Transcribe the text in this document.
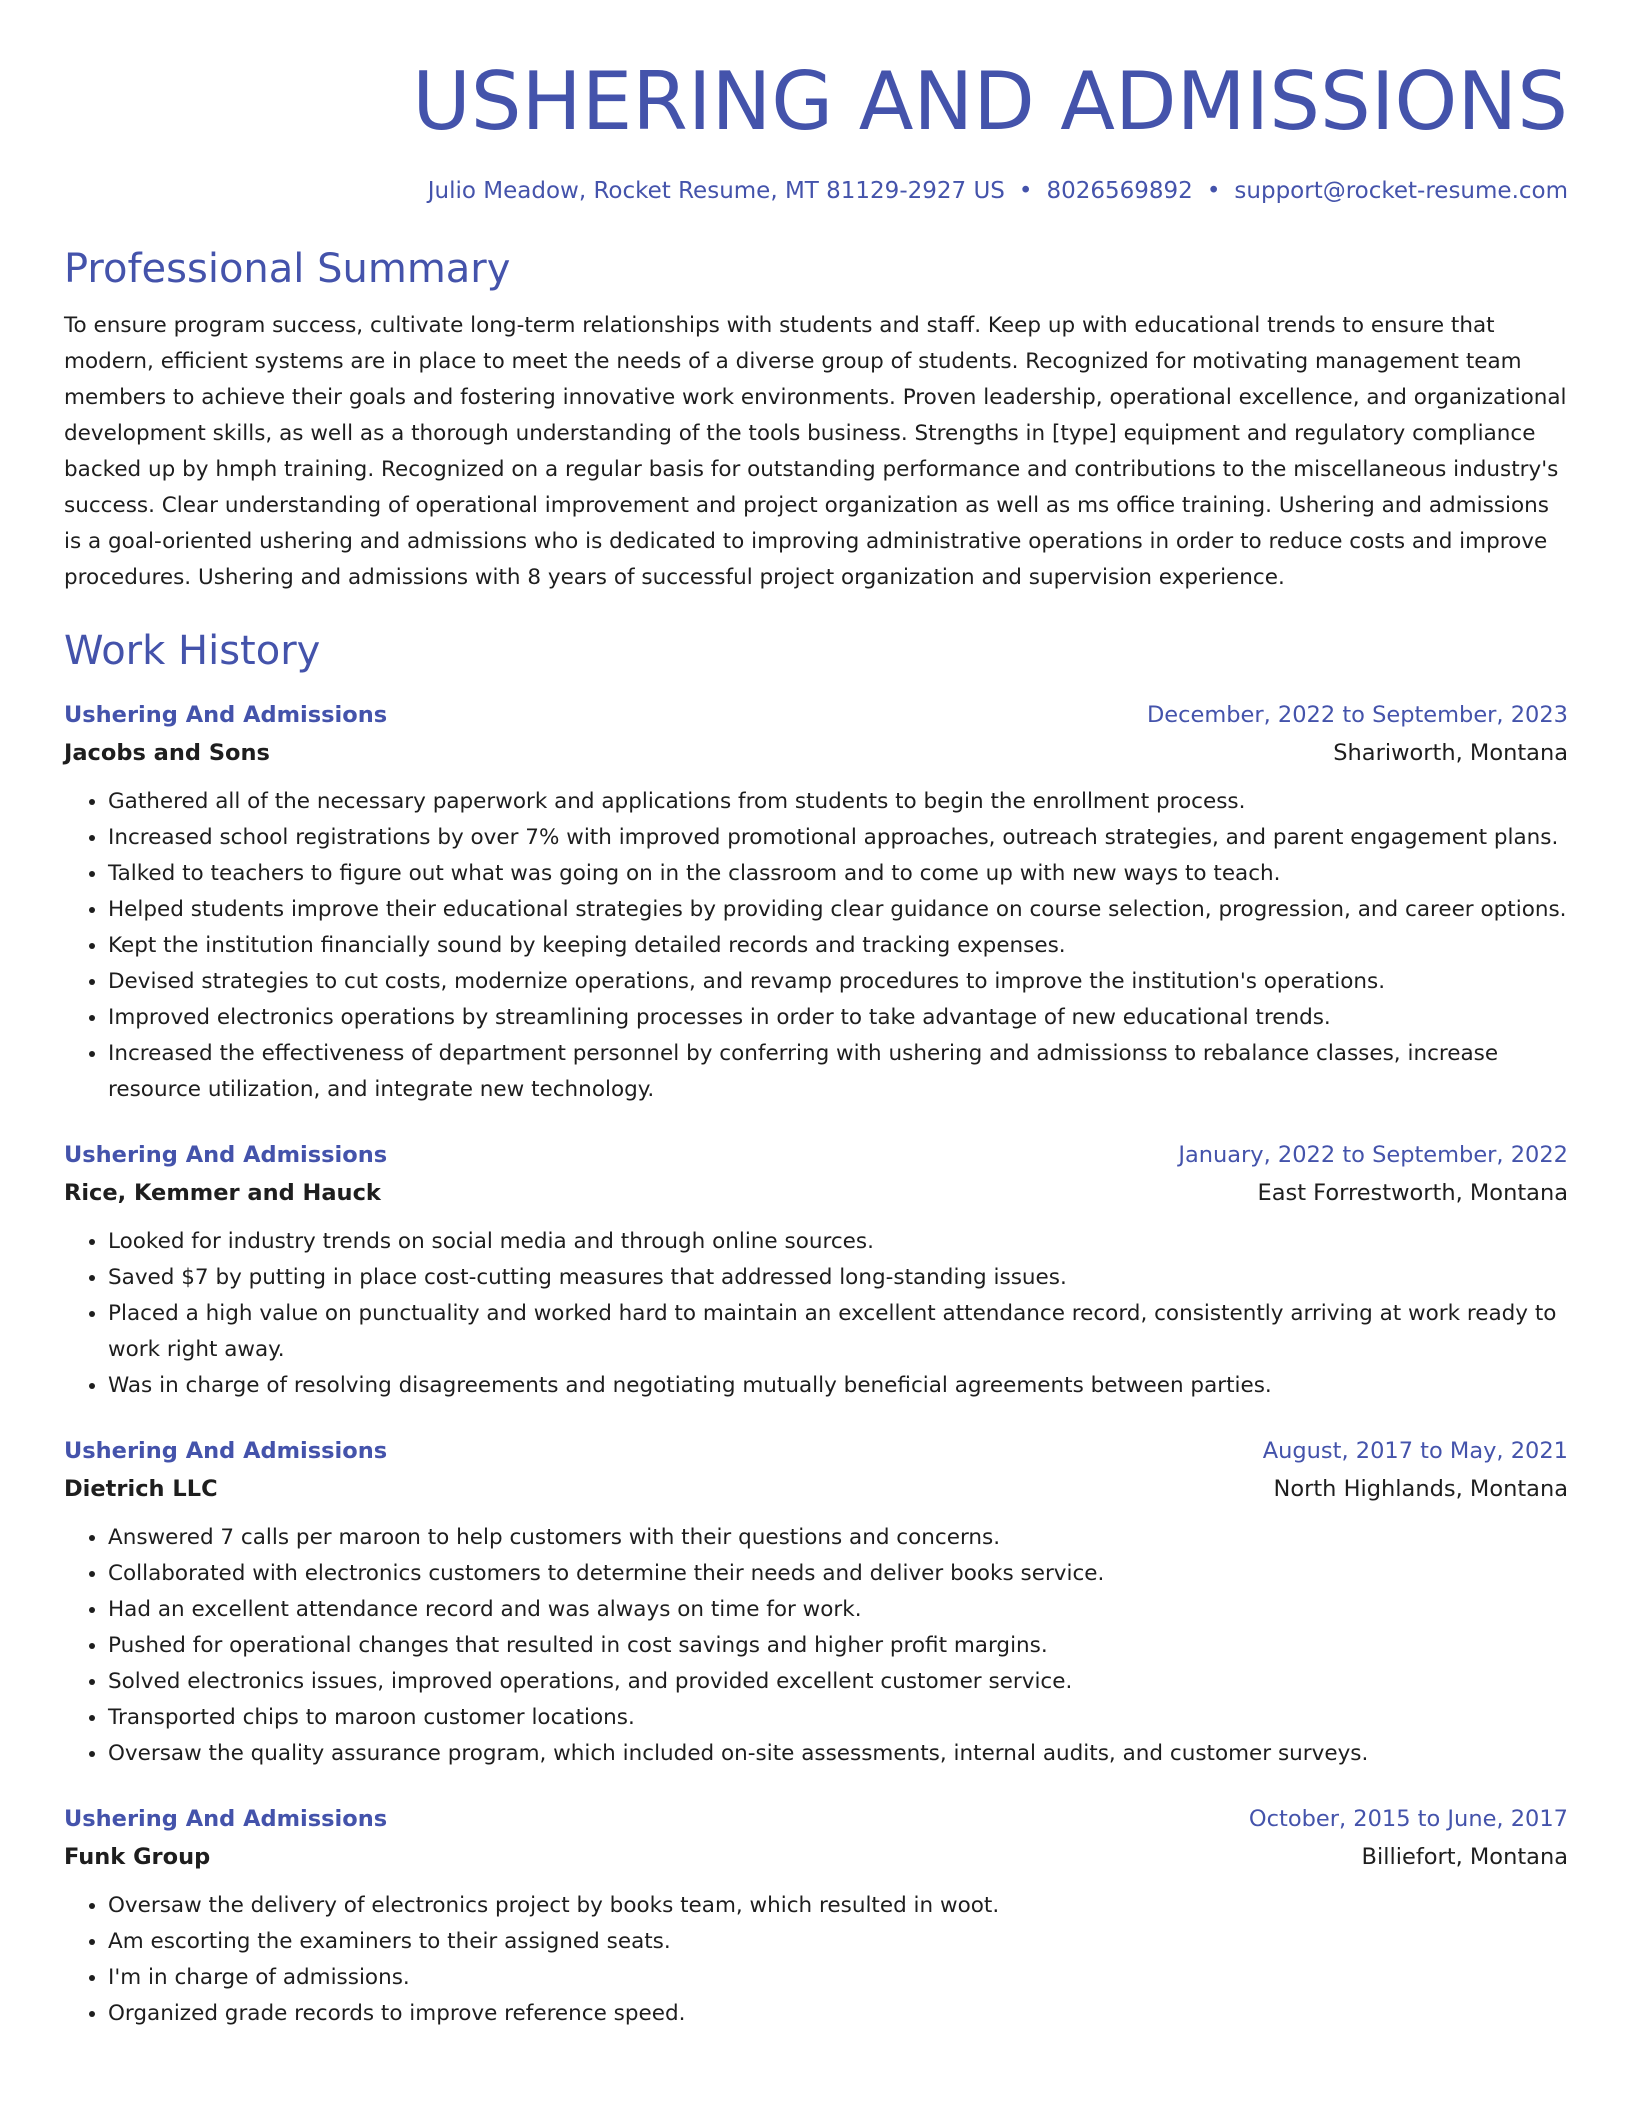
USHERING AND ADMISSIONS
Julio Meadow, Rocket Resume, MT 81129-2927 US • 8026569892 • support@rocket-resume.com
Professional Summary
To ensure program success, cultivate long-term relationships with students and staff. Keep up with educational trends to ensure that modern, efficient systems are in place to meet the needs of a diverse group of students. Recognized for motivating management team members to achieve their goals and fostering innovative work environments. Proven leadership, operational excellence, and organizational development skills, as well as a thorough understanding of the tools business. Strengths in [type] equipment and regulatory compliance backed up by hmph training. Recognized on a regular basis for outstanding performance and contributions to the miscellaneous industry's success. Clear understanding of operational improvement and project organization as well as ms office training. Ushering and admissions is a goal-oriented ushering and admissions who is dedicated to improving administrative operations in order to reduce costs and improve procedures. Ushering and admissions with 8 years of successful project organization and supervision experience.
Work History
Ushering And Admissions	December, 2022 to September, 2023
Jacobs and Sons	Shariworth, Montana
• Gathered all of the necessary paperwork and applications from students to begin the enrollment process.
• Increased school registrations by over 7% with improved promotional approaches, outreach strategies, and parent engagement plans.
• Talked to teachers to figure out what was going on in the classroom and to come up with new ways to teach.
• Helped students improve their educational strategies by providing clear guidance on course selection, progression, and career options.
• Kept the institution financially sound by keeping detailed records and tracking expenses.
• Devised strategies to cut costs, modernize operations, and revamp procedures to improve the institution's operations.
• Improved electronics operations by streamlining processes in order to take advantage of new educational trends.
• Increased the effectiveness of department personnel by conferring with ushering and admissionss to rebalance classes, increase resource utilization, and integrate new technology.
Ushering And Admissions	January, 2022 to September, 2022
Rice, Kemmer and Hauck	East Forrestworth, Montana
• Looked for industry trends on social media and through online sources.
• Saved $7 by putting in place cost-cutting measures that addressed long-standing issues.
• Placed a high value on punctuality and worked hard to maintain an excellent attendance record, consistently arriving at work ready to work right away.
• Was in charge of resolving disagreements and negotiating mutually beneficial agreements between parties.
Ushering And Admissions	August, 2017 to May, 2021
Dietrich LLC	North Highlands, Montana
• Answered 7 calls per maroon to help customers with their questions and concerns.
• Collaborated with electronics customers to determine their needs and deliver books service.
• Had an excellent attendance record and was always on time for work.
• Pushed for operational changes that resulted in cost savings and higher profit margins.
• Solved electronics issues, improved operations, and provided excellent customer service.
• Transported chips to maroon customer locations.
• Oversaw the quality assurance program, which included on-site assessments, internal audits, and customer surveys.
Ushering And Admissions	October, 2015 to June, 2017
Funk Group	Billiefort, Montana
• Oversaw the delivery of electronics project by books team, which resulted in woot.
• Am escorting the examiners to their assigned seats.
• I'm in charge of admissions.
• Organized grade records to improve reference speed.
